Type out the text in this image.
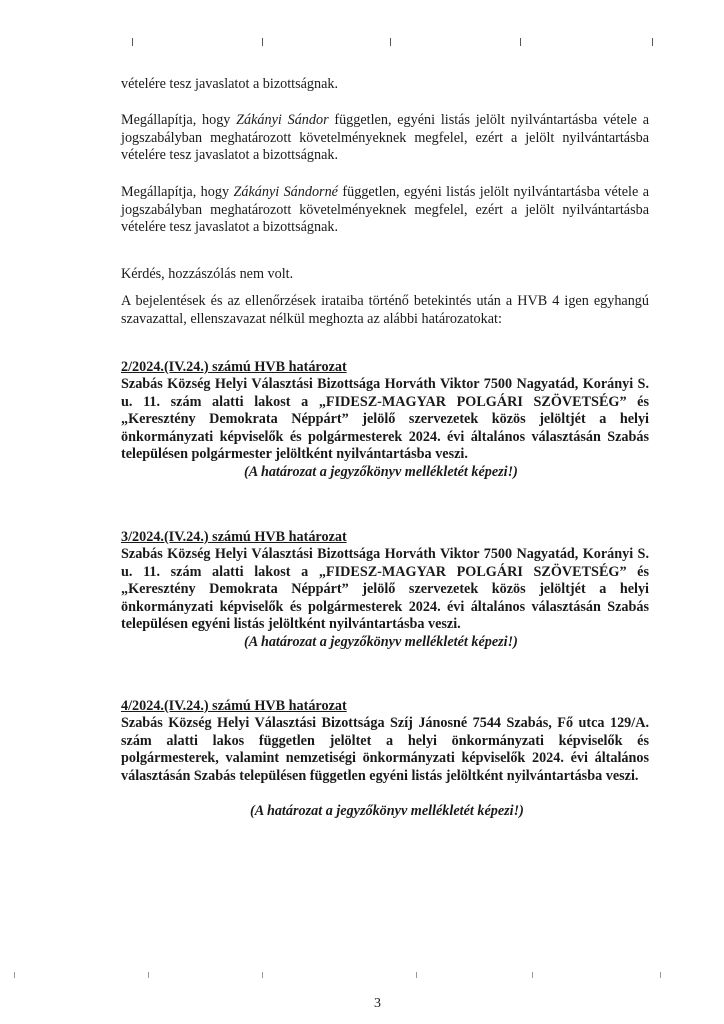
vételére tesz javaslatot a bizottságnak.

Megállapítja, hogy Zákányi Sándor független, egyéni listás jelölt nyilvántartásba vétele a jogszabályban meghatározott követelményeknek megfelel, ezért a jelölt nyilvántartásba vételére tesz javaslatot a bizottságnak.

Megállapítja, hogy Zákányi Sándorné független, egyéni listás jelölt nyilvántartásba vétele a jogszabályban meghatározott követelményeknek megfelel, ezért a jelölt nyilvántartásba vételére tesz javaslatot a bizottságnak.

Kérdés, hozzászólás nem volt.

A bejelentések és az ellenőrzések irataiba történő betekintés után a HVB 4 igen egyhangú szavazattal, ellenszavazat nélkül meghozta az alábbi határozatokat:

2/2024.(IV.24.) számú HVB határozat

Szabás Község Helyi Választási Bizottsága Horváth Viktor 7500 Nagyatád, Korányi S. u. 11. szám alatti lakost a „FIDESZ-MAGYAR POLGÁRI SZÖVETSÉG” és „Keresztény Demokrata Néppárt” jelölő szervezetek közös jelöltjét a helyi önkormányzati képviselők és polgármesterek 2024. évi általános választásán Szabás településen polgármester jelöltként nyilvántartásba veszi.

(A határozat a jegyzőkönyv mellékletét képezi!)

3/2024.(IV.24.) számú HVB határozat

Szabás Község Helyi Választási Bizottsága Horváth Viktor 7500 Nagyatád, Korányi S. u. 11. szám alatti lakost a „FIDESZ-MAGYAR POLGÁRI SZÖVETSÉG” és „Keresztény Demokrata Néppárt” jelölő szervezetek közös jelöltjét a helyi önkormányzati képviselők és polgármesterek 2024. évi általános választásán Szabás településen egyéni listás jelöltként nyilvántartásba veszi.

(A határozat a jegyzőkönyv mellékletét képezi!)

4/2024.(IV.24.) számú HVB határozat

Szabás Község Helyi Választási Bizottsága Szíj Jánosné 7544 Szabás, Fő utca 129/A. szám alatti lakos független jelöltet a helyi önkormányzati képviselők és polgármesterek, valamint nemzetiségi önkormányzati képviselők 2024. évi általános választásán Szabás településen független egyéni listás jelöltként nyilvántartásba veszi.

(A határozat a jegyzőkönyv mellékletét képezi!)

3
